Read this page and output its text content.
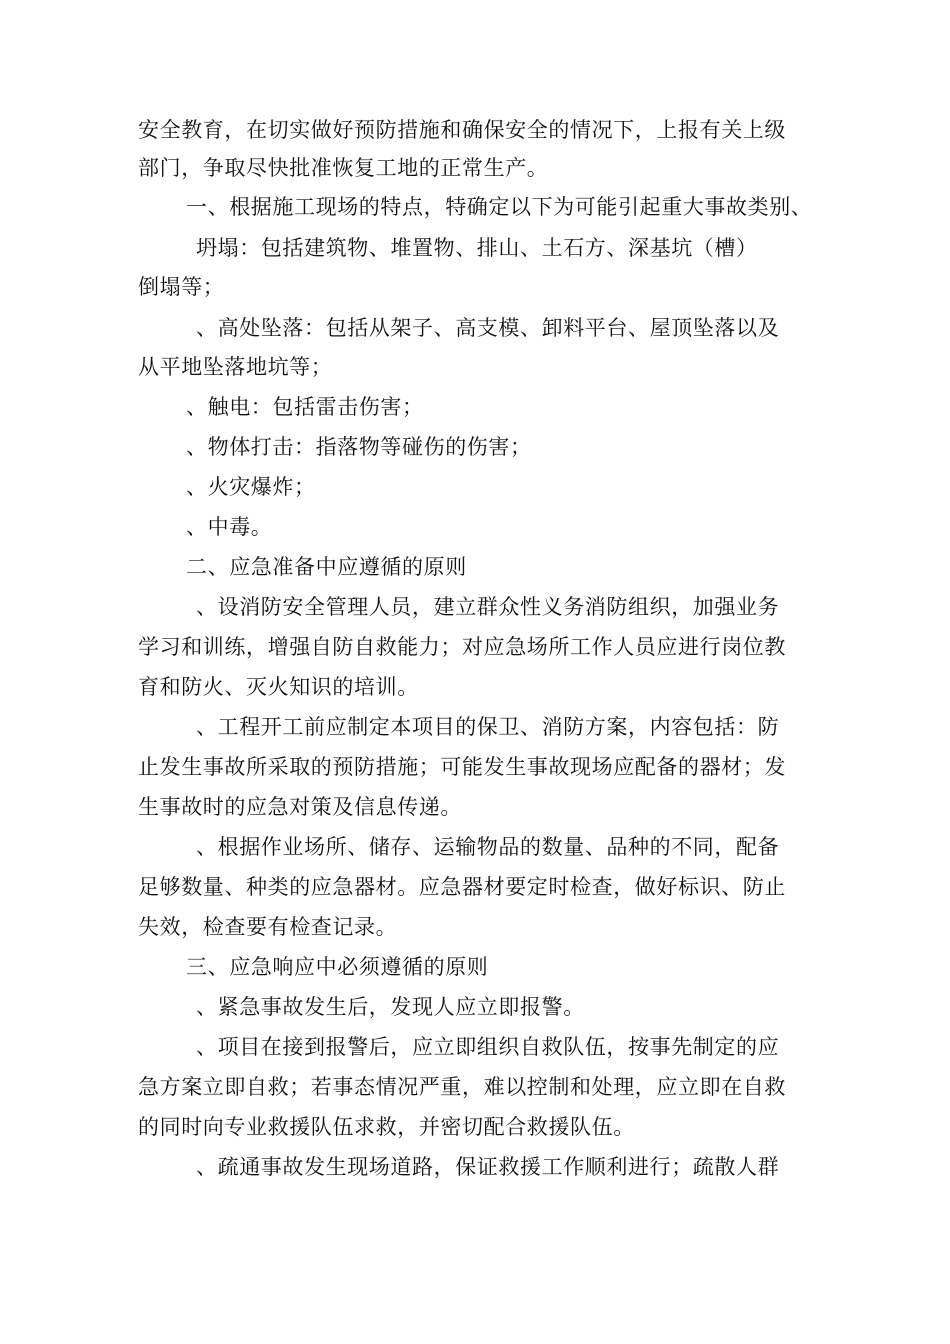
安全教育，在切实做好预防措施和确保安全的情况下，上报有关上级
部门，争取尽快批准恢复工地的正常生产。
一、根据施工现场的特点，特确定以下为可能引起重大事故类别、
坍塌：包括建筑物、堆置物、排山、土石方、深基坑（槽）
倒塌等；
、高处坠落：包括从架子、高支模、卸料平台、屋顶坠落以及
从平地坠落地坑等；
、触电：包括雷击伤害；
、物体打击：指落物等碰伤的伤害；
、火灾爆炸；
、中毒。
二、应急准备中应遵循的原则
、设消防安全管理人员，建立群众性义务消防组织，加强业务
学习和训练，增强自防自救能力；对应急场所工作人员应进行岗位教
育和防火、灭火知识的培训。
、工程开工前应制定本项目的保卫、消防方案，内容包括：防
止发生事故所采取的预防措施；可能发生事故现场应配备的器材；发
生事故时的应急对策及信息传递。
、根据作业场所、储存、运输物品的数量、品种的不同，配备
足够数量、种类的应急器材。应急器材要定时检查，做好标识、防止
失效，检查要有检查记录。
三、应急响应中必须遵循的原则
、紧急事故发生后，发现人应立即报警。
、项目在接到报警后，应立即组织自救队伍，按事先制定的应
急方案立即自救；若事态情况严重，难以控制和处理，应立即在自救
的同时向专业救援队伍求救，并密切配合救援队伍。
、疏通事故发生现场道路，保证救援工作顺利进行；疏散人群
